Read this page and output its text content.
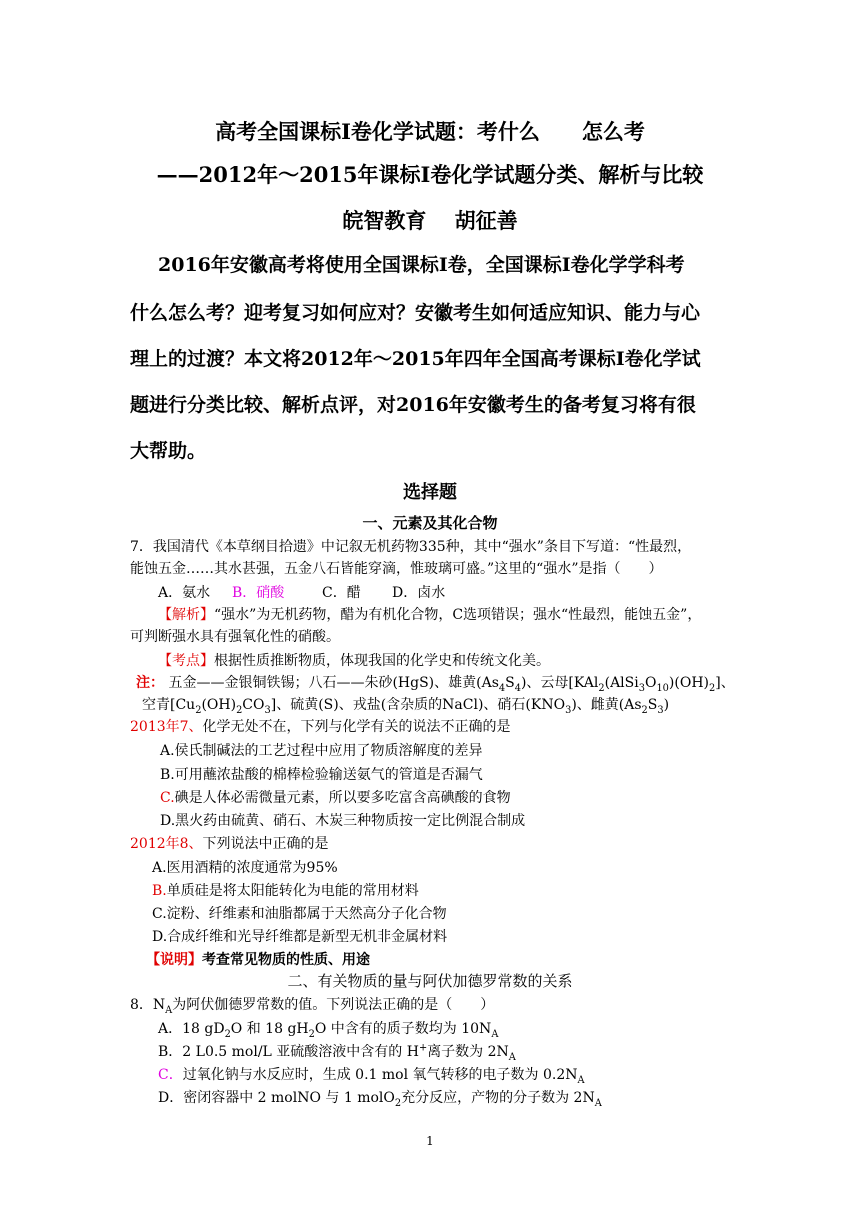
高考全国课标Ⅰ卷化学试题：考什么　　怎么考
——2012年～2015年课标Ⅰ卷化学试题分类、解析与比较
皖智教育　 胡征善
2016年安徽高考将使用全国课标Ⅰ卷，全国课标Ⅰ卷化学学科考
什么怎么考？迎考复习如何应对？安徽考生如何适应知识、能力与心
理上的过渡？本文将2012年～2015年四年全国高考课标Ⅰ卷化学试
题进行分类比较、解析点评，对2016年安徽考生的备考复习将有很
大帮助。
选择题
一、元素及其化合物
7．我国清代《本草纲目拾遗》中记叙无机药物335种，其中“强水”条目下写道：“性最烈，
能蚀五金……其水甚强，五金八石皆能穿滴，惟玻璃可盛。”这里的“强水”是指（　　）
A．氨水 B．硝酸	C．醋 D．卤水
【解析】“强水”为无机药物，醋为有机化合物，C选项错误；强水“性最烈，能蚀五金”，
可判断强水具有强氧化性的硝酸。
【考点】根据性质推断物质，体现我国的化学史和传统文化美。
注： 五金——金银铜铁锡；八石——朱砂(HgS)、雄黄$(As_4S_4)$、云母$[KAl_2(AlSi_3O_{10})(OH)_2]$、
空青$[Cu_2(OH)_2CO_3]$、硫黄(S)、戎盐(含杂质的NaCl)、硝石$(KNO_3)$、雌黄$(As_2S_3)$
2013年7、化学无处不在，下列与化学有关的说法不正确的是
A.侯氏制碱法的工艺过程中应用了物质溶解度的差异
B.可用蘸浓盐酸的棉棒检验输送氨气的管道是否漏气
C.碘是人体必需微量元素，所以要多吃富含高碘酸的食物
D.黑火药由硫黄、硝石、木炭三种物质按一定比例混合制成
2012年8、下列说法中正确的是
A.医用酒精的浓度通常为95%
B.单质硅是将太阳能转化为电能的常用材料
C.淀粉、纤维素和油脂都属于天然高分子化合物
D.合成纤维和光导纤维都是新型无机非金属材料
【说明】考查常见物质的性质、用途
二、有关物质的量与阿伏加德罗常数的关系
8．$N_A$为阿伏伽德罗常数的值。下列说法正确的是（　　）
A．18 $gD_2O$ 和 18 $gH_2O$ 中含有的质子数均为 $10N_A$
B．2 L0.5 mol/L 亚硫酸溶液中含有的 H+离子数为 $2N_A$
C．过氧化钠与水反应时，生成 0.1 mol 氧气转移的电子数为 $0.2N_A$
D．密闭容器中 2 molNO 与 1 molO$_2$充分反应，产物的分子数为 $2N_A$
1
